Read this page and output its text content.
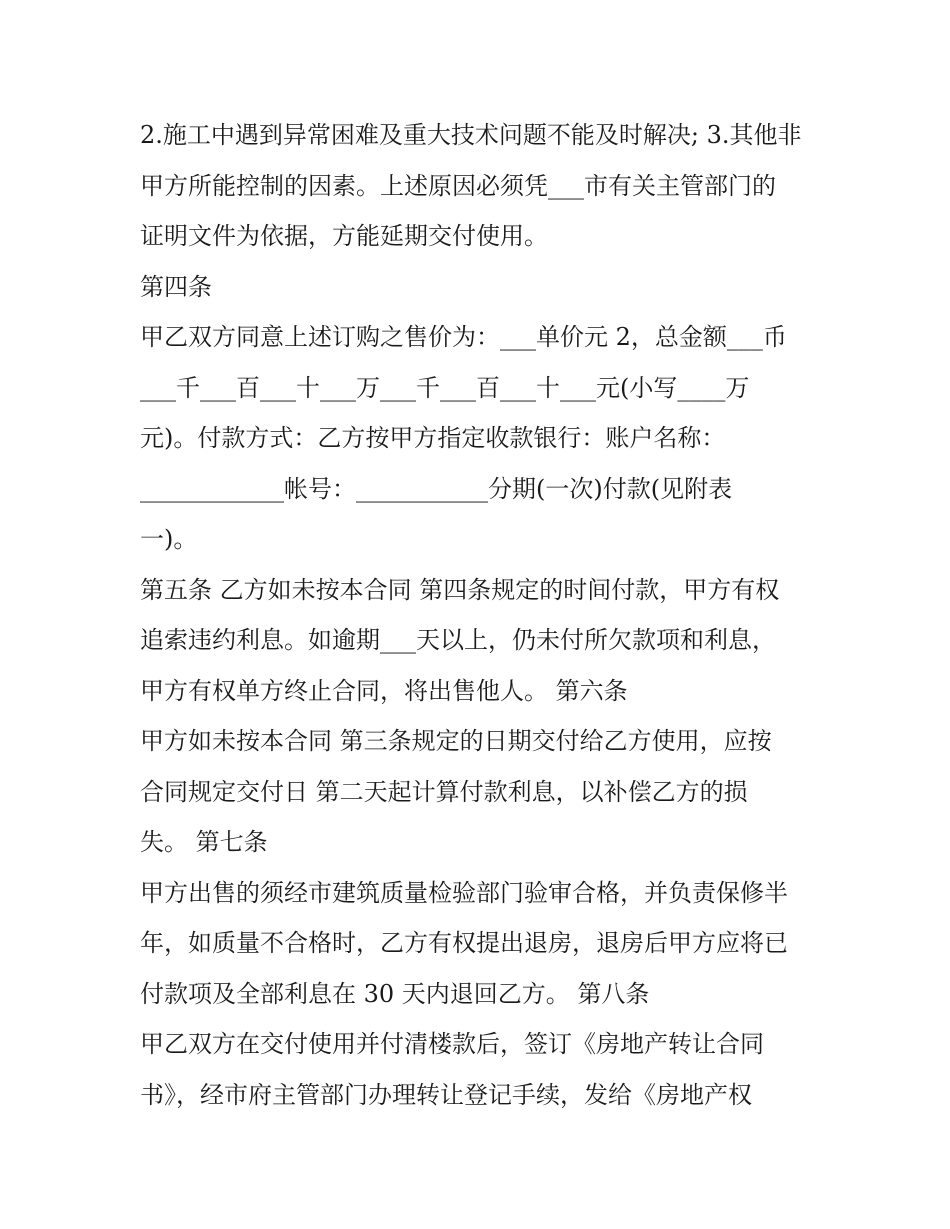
2.施工中遇到异常困难及重大技术问题不能及时解决; 3.其他非
甲方所能控制的因素。上述原因必须凭___市有关主管部门的
证明文件为依据，方能延期交付使用。
第四条
甲乙双方同意上述订购之售价为：___单价元 2，总金额___币
___千___百___十___万___千___百___十___元(小写____万
元)。付款方式：乙方按甲方指定收款银行：账户名称：
____________帐号：___________分期(一次)付款(见附表
一)。
第五条 乙方如未按本合同 第四条规定的时间付款，甲方有权
追索违约利息。如逾期___天以上，仍未付所欠款项和利息，
甲方有权单方终止合同，将出售他人。 第六条
甲方如未按本合同 第三条规定的日期交付给乙方使用，应按
合同规定交付日 第二天起计算付款利息，以补偿乙方的损
失。 第七条
甲方出售的须经市建筑质量检验部门验审合格，并负责保修半
年，如质量不合格时，乙方有权提出退房，退房后甲方应将已
付款项及全部利息在 30 天内退回乙方。 第八条
甲乙双方在交付使用并付清楼款后，签订《房地产转让合同
书》，经市府主管部门办理转让登记手续，发给《房地产权
